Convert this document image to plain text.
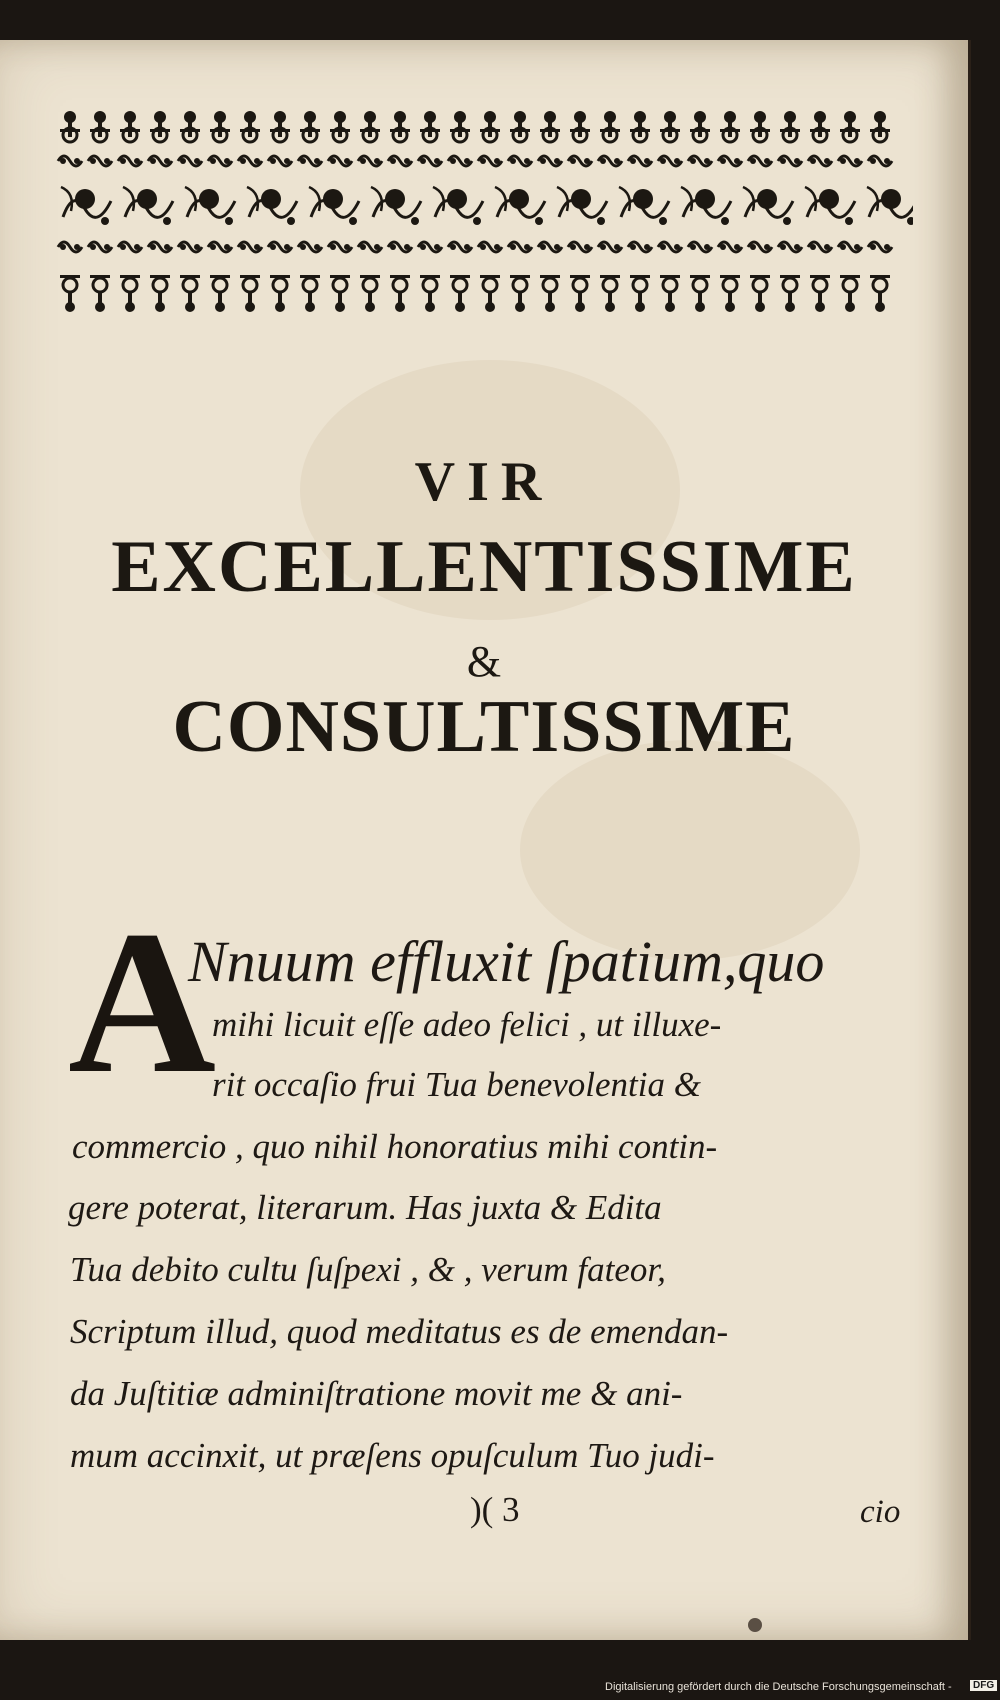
VIR
EXCELLENTISSIME
&
CONSULTISSIME
A
Nnuum effluxit ſpatium,quo
mihi licuit eſſe adeo felici , ut illuxe-
rit occaſio frui Tua benevolentia &
commercio , quo nihil honoratius mihi contin-
gere poterat, literarum. Has juxta & Edita
Tua debito cultu ſuſpexi , & , verum fateor,
Scriptum illud, quod meditatus es de emendan-
da Juſtitiæ adminiſtratione movit me & ani-
mum accinxit, ut præſens opuſculum Tuo judi-
)( 3	cio
Digitalisierung gefördert durch die Deutsche Forschungsgemeinschaft -	DFG
